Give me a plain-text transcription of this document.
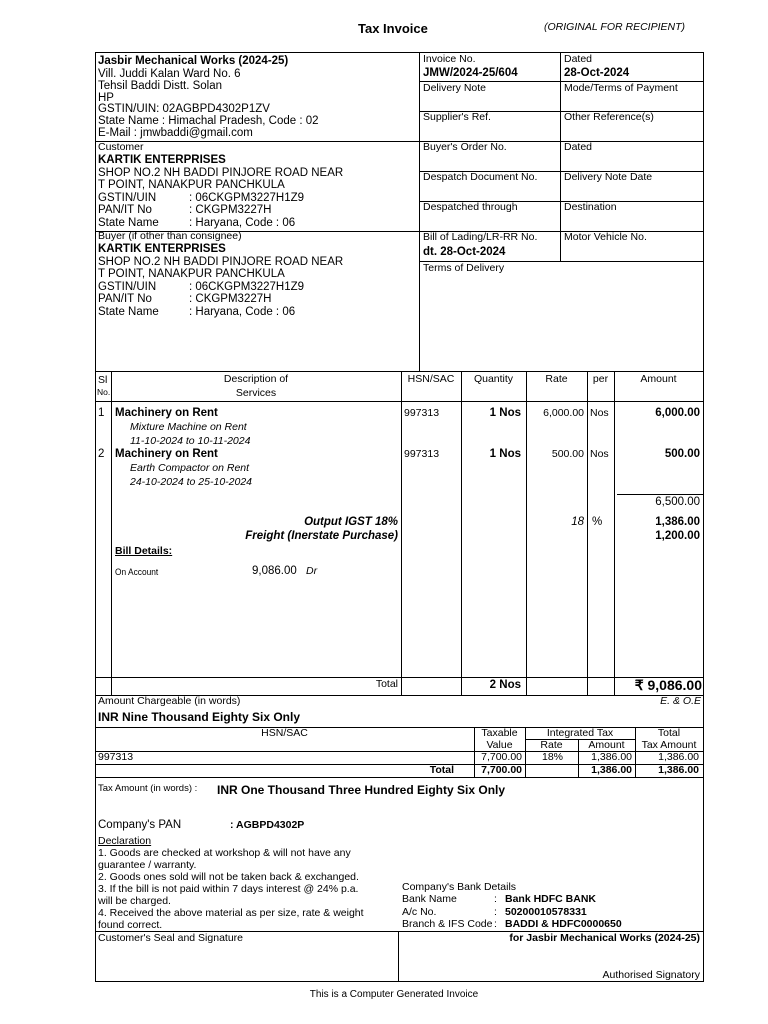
Tax Invoice	(ORIGINAL FOR RECIPIENT)
Jasbir Mechanical Works (2024-25)
Vill. Juddi Kalan Ward No. 6
Tehsil Baddi Distt. Solan
HP
GSTIN/UIN: 02AGBPD4302P1ZV
State Name : Himachal Pradesh, Code : 02
E-Mail : jmwbaddi@gmail.com
Customer
KARTIK ENTERPRISES
SHOP NO.2 NH BADDI PINJORE ROAD NEAR
T POINT, NANAKPUR PANCHKULA
GSTIN/UIN	: 06CKGPM3227H1Z9
PAN/IT No	: CKGPM3227H
State Name	: Haryana, Code : 06
Buyer (if other than consignee)
KARTIK ENTERPRISES
SHOP NO.2 NH BADDI PINJORE ROAD NEAR
T POINT, NANAKPUR PANCHKULA
GSTIN/UIN	: 06CKGPM3227H1Z9
PAN/IT No	: CKGPM3227H
State Name	: Haryana, Code : 06
Invoice No.
JMW/2024-25/604
Dated
28-Oct-2024
Delivery Note	Mode/Terms of Payment
Supplier's Ref.	Other Reference(s)
Buyer's Order No.	Dated
Despatch Document No.	Delivery Note Date
Despatched through	Destination
Bill of Lading/LR-RR No.
dt. 28-Oct-2024
Motor Vehicle No.
Terms of Delivery
Sl
No.
Description of
Services
HSN/SAC	Quantity	Rate	per	Amount
1 Machinery on Rent
Mixture Machine on Rent
11-10-2024 to 10-11-2024
997313	1 Nos	6,000.00 Nos	6,000.00
2 Machinery on Rent
Earth Compactor on Rent
24-10-2024 to 25-10-2024
997313	1 Nos	500.00 Nos	500.00
6,500.00
Output IGST 18%	18 %	1,386.00
Freight (Inerstate Purchase)	1,200.00
Bill Details:
On Account	9,086.00 Dr
Total	2 Nos	₹ 9,086.00
Amount Chargeable (in words)	E. & O.E
INR Nine Thousand Eighty Six Only
HSN/SAC	Taxable
Value
Integrated Tax
Rate	Amount
Total
Tax Amount
997313	7,700.00	18%	1,386.00	1,386.00
Total	7,700.00	1,386.00	1,386.00
Tax Amount (in words) : INR One Thousand Three Hundred Eighty Six Only
Company's PAN	: AGBPD4302P
Declaration
1. Goods are checked at workshop & will not have any
guarantee / warranty.
2. Goods ones sold will not be taken back & exchanged.
3. If the bill is not paid within 7 days interest @ 24% p.a.
will be charged.
4. Received the above material as per size, rate & weight
found correct.
Company's Bank Details
Bank Name	: Bank HDFC BANK
A/c No.	: 50200010578331
Branch & IFS Code : BADDI & HDFC0000650
Customer's Seal and Signature	for Jasbir Mechanical Works (2024-25)
Authorised Signatory
This is a Computer Generated Invoice
